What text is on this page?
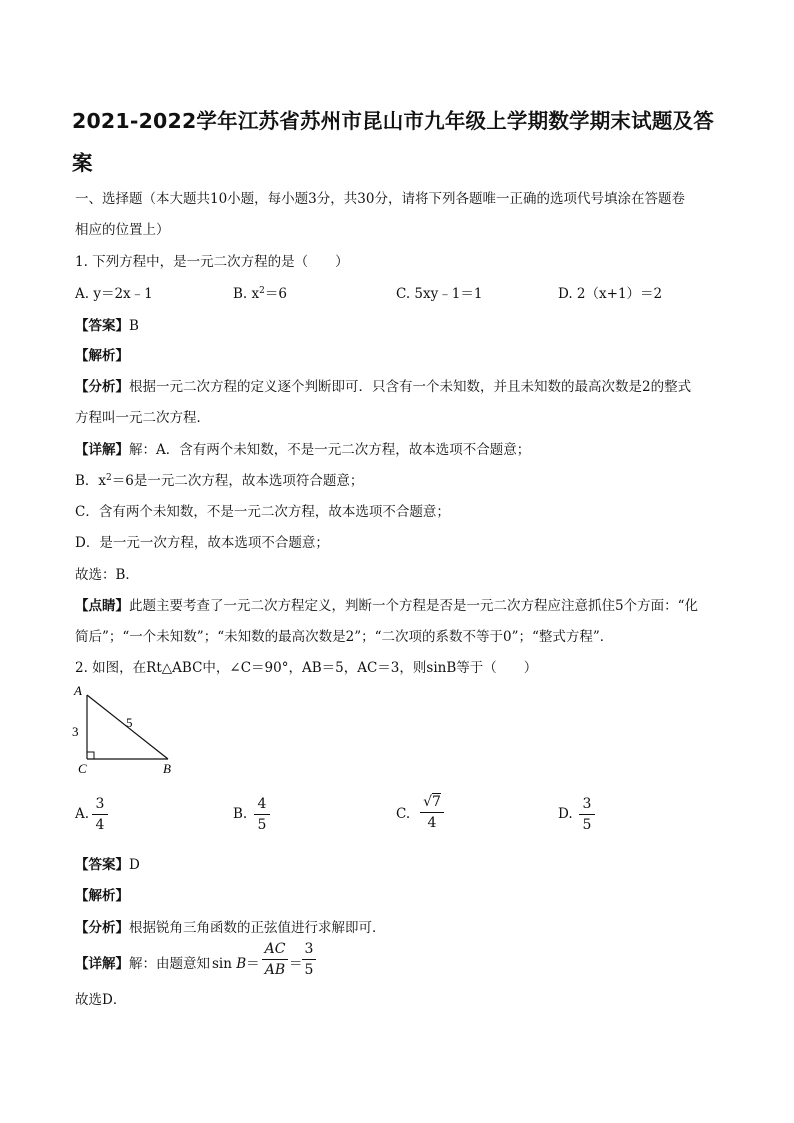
2021-2022学年江苏省苏州市昆山市九年级上学期数学期末试题及答
案
一、选择题（本大题共10小题，每小题3分，共30分，请将下列各题唯一正确的选项代号填涂在答题卷
相应的位置上）
1. 下列方程中，是一元二次方程的是（　　）
A. y＝2x﹣1	B. $x^2=6$	C. 5xy﹣1＝1	D. 2（x+1）＝2
【答案】B
【解析】
【分析】根据一元二次方程的定义逐个判断即可．只含有一个未知数，并且未知数的最高次数是2的整式
方程叫一元二次方程．
【详解】解：A．含有两个未知数，不是一元二次方程，故本选项不合题意；
B．$x^2=6$是一元二次方程，故本选项符合题意；
C．含有两个未知数，不是一元二次方程，故本选项不合题意；
D．是一元一次方程，故本选项不合题意；
故选：B．
【点睛】此题主要考查了一元二次方程定义，判断一个方程是否是一元二次方程应注意抓住5个方面：“化
简后”；“一个未知数”；“未知数的最高次数是2”；“二次项的系数不等于0”；“整式方程”．
2. 如图，在Rt△ABC中，∠C＝90°，AB＝5，AC＝3，则sinB等于（　　）
A
C	B
3
5
A.
3
4
B.
4
5
C.
√7
4
D.
3
5
【答案】D
【解析】
【分析】根据锐角三角函数的正弦值进行求解即可．
【详解】解：由题意知 sin B＝
AC
AB ＝
3
5
故选D．
